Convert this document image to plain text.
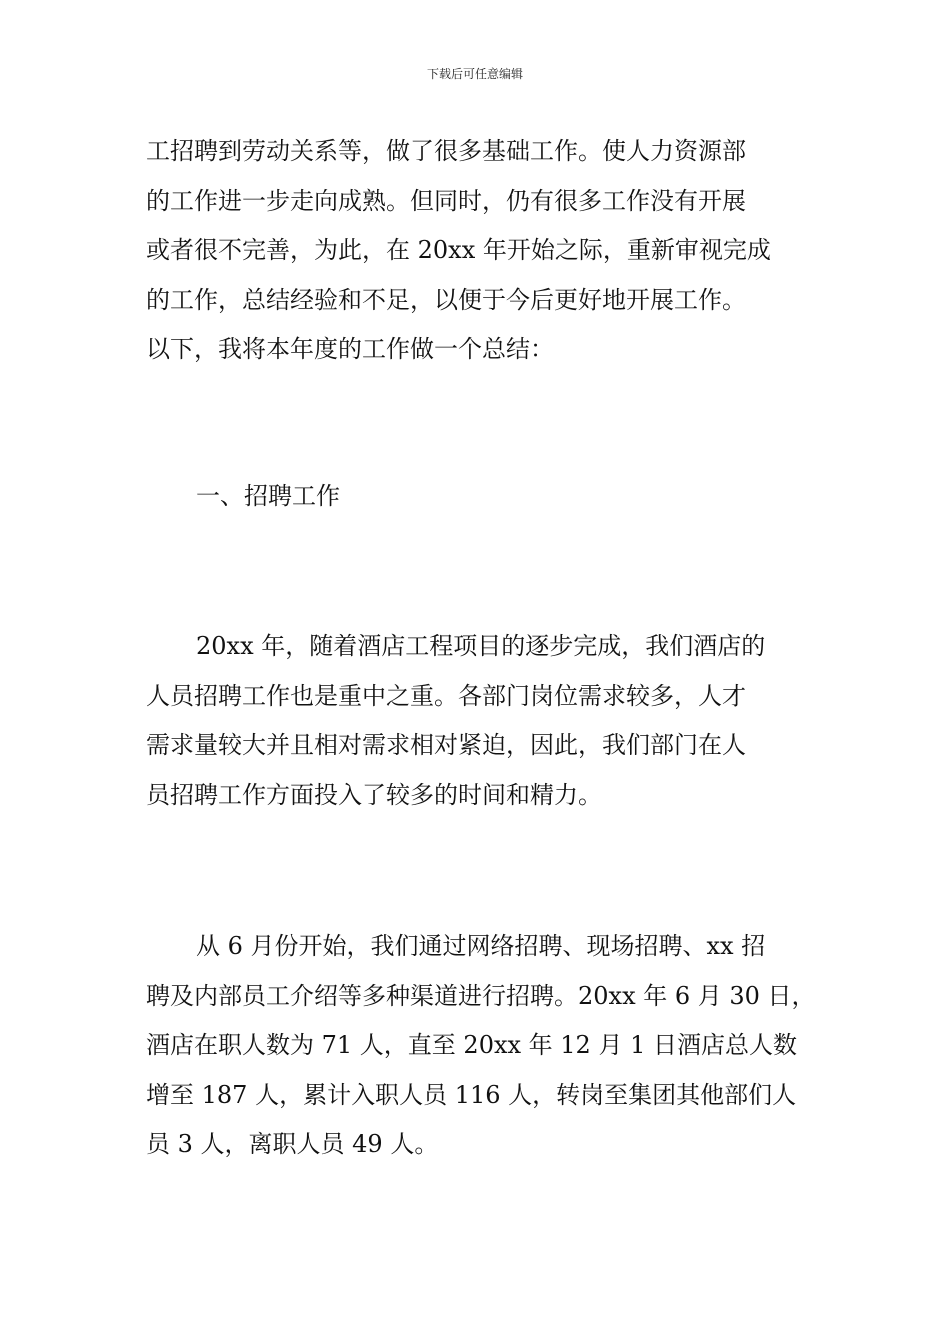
下载后可任意编辑

工招聘到劳动关系等，做了很多基础工作。使人力资源部
的工作进一步走向成熟。但同时，仍有很多工作没有开展
或者很不完善，为此，在 20xx 年开始之际，重新审视完成
的工作，总结经验和不足，以便于今后更好地开展工作。
以下，我将本年度的工作做一个总结：

一、招聘工作

20xx 年，随着酒店工程项目的逐步完成，我们酒店的
人员招聘工作也是重中之重。各部门岗位需求较多，人才
需求量较大并且相对需求相对紧迫，因此，我们部门在人
员招聘工作方面投入了较多的时间和精力。

从 6 月份开始，我们通过网络招聘、现场招聘、xx 招
聘及内部员工介绍等多种渠道进行招聘。20xx 年 6 月 30 日，
酒店在职人数为 71 人，直至 20xx 年 12 月 1 日酒店总人数
增至 187 人，累计入职人员 116 人，转岗至集团其他部们人
员 3 人，离职人员 49 人。
